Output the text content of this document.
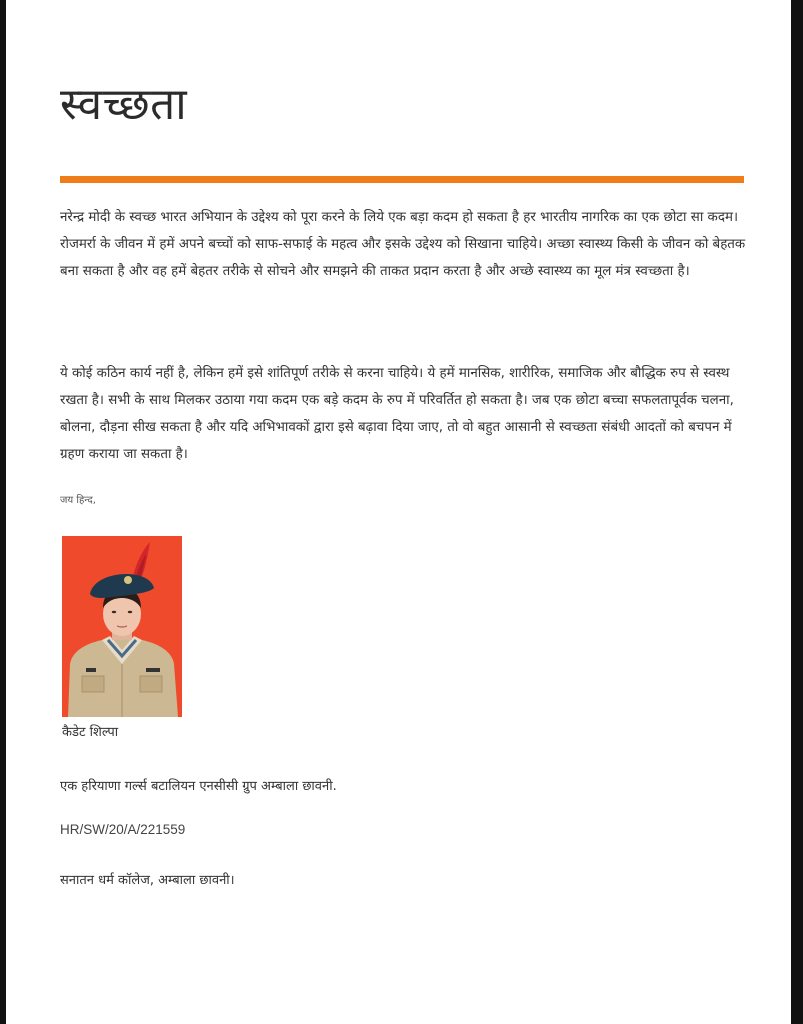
स्वच्छता

नरेन्द्र मोदी के स्वच्छ भारत अभियान के उद्देश्य को पूरा करने के लिये एक बड़ा कदम हो सकता है हर भारतीय नागरिक का एक छोटा सा कदम। रोजमर्रा के जीवन में हमें अपने बच्चों को साफ-सफाई के महत्व और इसके उद्देश्य को सिखाना चाहिये। अच्छा स्वास्थ्य किसी के जीवन को बेहतक बना सकता है और वह हमें बेहतर तरीके से सोचने और समझने की ताकत प्रदान करता है और अच्छे स्वास्थ्य का मूल मंत्र स्वच्छता है।

ये कोई कठिन कार्य नहीं है, लेकिन हमें इसे शांतिपूर्ण तरीके से करना चाहिये। ये हमें मानसिक, शारीरिक, समाजिक और बौद्धिक रुप से स्वस्थ रखता है। सभी के साथ मिलकर उठाया गया कदम एक बड़े कदम के रुप में परिवर्तित हो सकता है। जब एक छोटा बच्चा सफलतापूर्वक चलना, बोलना, दौड़ना सीख सकता है और यदि अभिभावकों द्वारा इसे बढ़ावा दिया जाए, तो वो बहुत आसानी से स्वच्छता संबंधी आदतों को बचपन में ग्रहण कराया जा सकता है।

जय हिन्द,
कैडेट शिल्पा
एक हरियाणा गर्ल्स बटालियन एनसीसी ग्रुप अम्बाला छावनी.
HR/SW/20/A/221559
सनातन धर्म कॉलेज, अम्बाला छावनी।
